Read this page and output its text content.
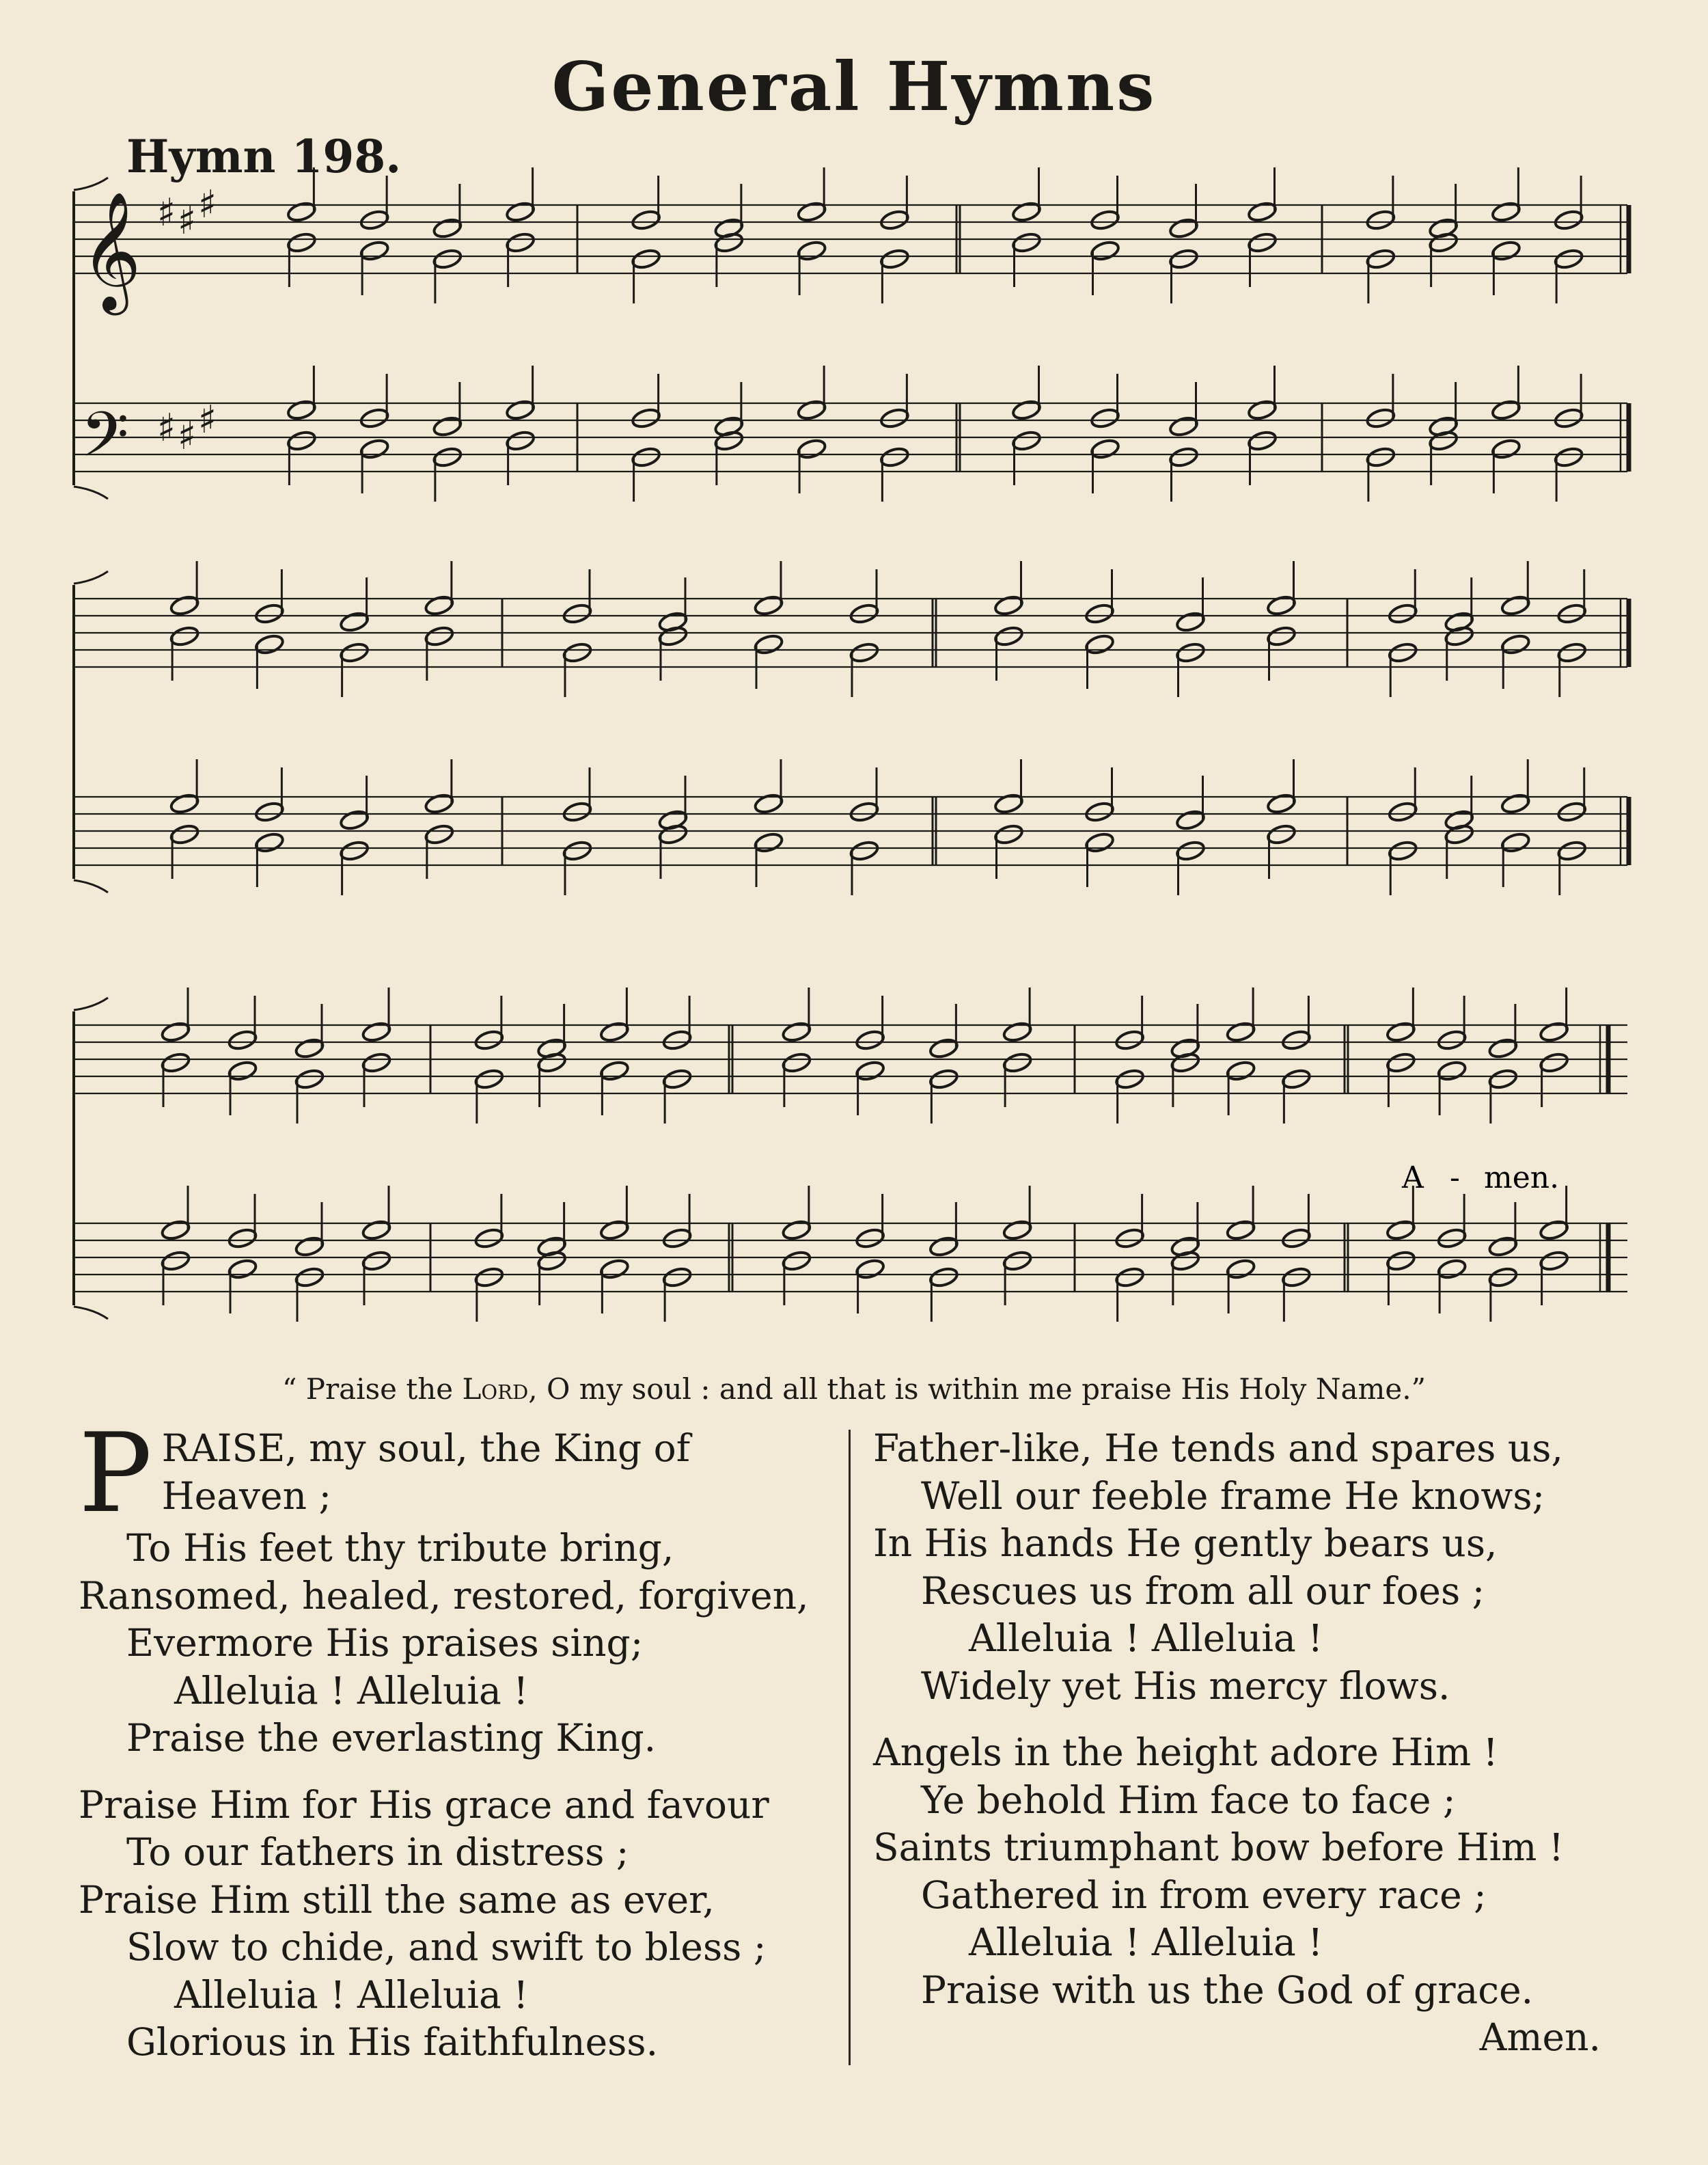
General Hymns
Hymn 198.
𝄞
𝄢
♯ ♯ ♯
♯ ♯ ♯
A - men.
“ Praise the Lord, O my soul : and all that is within me praise His Holy Name.”
P RAISE, my soul, the King of
Heaven ;
To His feet thy tribute bring,
Ransomed, healed, restored, forgiven,
Evermore His praises sing;
Alleluia ! Alleluia !
Praise the everlasting King.
Praise Him for His grace and favour
To our fathers in distress ;
Praise Him still the same as ever,
Slow to chide, and swift to bless ;
Alleluia ! Alleluia !
Glorious in His faithfulness.
Father-like, He tends and spares us,
Well our feeble frame He knows;
In His hands He gently bears us,
Rescues us from all our foes ;
Alleluia ! Alleluia !
Widely yet His mercy flows.
Angels in the height adore Him !
Ye behold Him face to face ;
Saints triumphant bow before Him !
Gathered in from every race ;
Alleluia ! Alleluia !
Praise with us the God of grace.
Amen.
